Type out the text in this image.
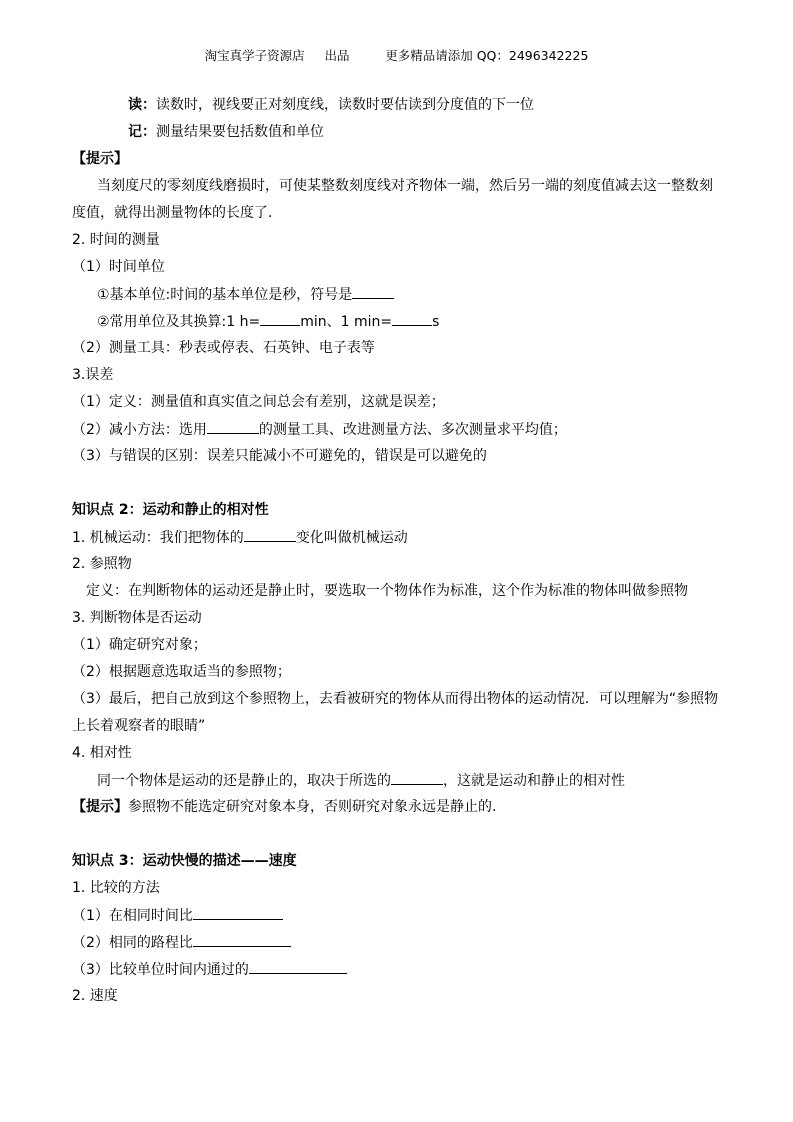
淘宝真学子资源店     出品         更多精品请添加 QQ：2496342225
读：读数时，视线要正对刻度线，读数时要估读到分度值的下一位
记：测量结果要包括数值和单位
【提示】
当刻度尺的零刻度线磨损时，可使某整数刻度线对齐物体一端，然后另一端的刻度值减去这一整数刻
度值，就得出测量物体的长度了.
2. 时间的测量
（1）时间单位
①基本单位:时间的基本单位是秒，符号是
②常用单位及其换算:1 h=	min、1 min=	s
（2）测量工具：秒表或停表、石英钟、电子表等
3.误差
（1）定义：测量值和真实值之间总会有差别，这就是误差；
（2）减小方法：选用	的测量工具、改进测量方法、多次测量求平均值；
（3）与错误的区别：误差只能减小不可避免的，错误是可以避免的
知识点 2：运动和静止的相对性
1. 机械运动：我们把物体的	变化叫做机械运动
2. 参照物
定义：在判断物体的运动还是静止时，要选取一个物体作为标准，这个作为标准的物体叫做参照物
3. 判断物体是否运动
（1）确定研究对象；
（2）根据题意选取适当的参照物；
（3）最后，把自己放到这个参照物上，去看被研究的物体从而得出物体的运动情况．可以理解为“参照物
上长着观察者的眼睛”
4. 相对性
同一个物体是运动的还是静止的，取决于所选的	，这就是运动和静止的相对性
【提示】参照物不能选定研究对象本身，否则研究对象永远是静止的.
知识点 3：运动快慢的描述——速度
1. 比较的方法
（1）在相同时间比
（2）相同的路程比
（3）比较单位时间内通过的
2. 速度
